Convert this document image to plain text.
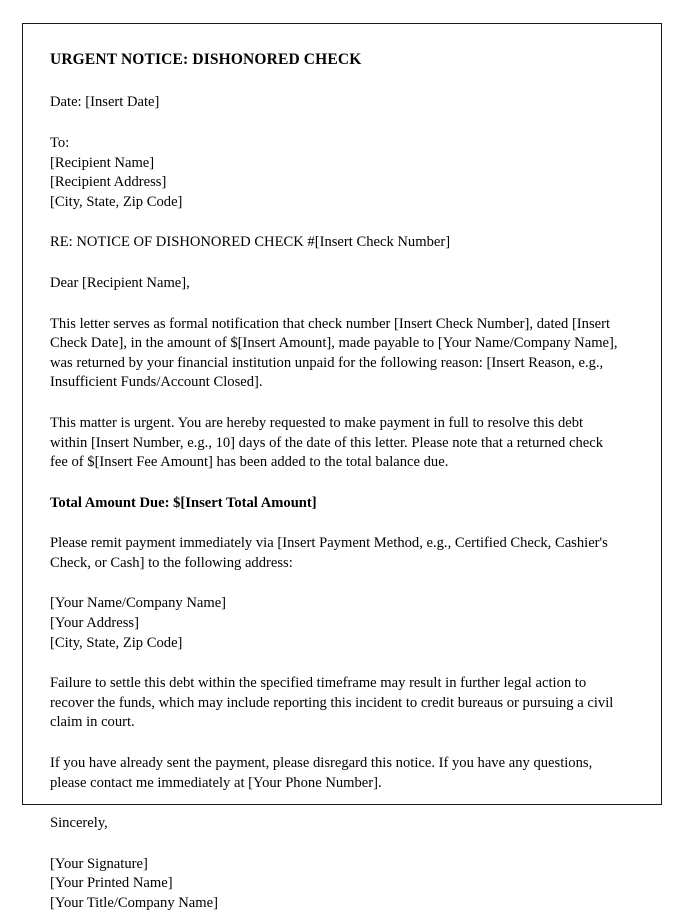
URGENT NOTICE: DISHONORED CHECK

Date: [Insert Date]

To:
[Recipient Name]
[Recipient Address]
[City, State, Zip Code]

RE: NOTICE OF DISHONORED CHECK #[Insert Check Number]

Dear [Recipient Name],

This letter serves as formal notification that check number [Insert Check Number], dated [Insert Check Date], in the amount of $[Insert Amount], made payable to [Your Name/Company Name], was returned by your financial institution unpaid for the following reason: [Insert Reason, e.g., Insufficient Funds/Account Closed].

This matter is urgent. You are hereby requested to make payment in full to resolve this debt within [Insert Number, e.g., 10] days of the date of this letter. Please note that a returned check fee of $[Insert Fee Amount] has been added to the total balance due.

Total Amount Due: $[Insert Total Amount]

Please remit payment immediately via [Insert Payment Method, e.g., Certified Check, Cashier's Check, or Cash] to the following address:

[Your Name/Company Name]
[Your Address]
[City, State, Zip Code]

Failure to settle this debt within the specified timeframe may result in further legal action to recover the funds, which may include reporting this incident to credit bureaus or pursuing a civil claim in court.

If you have already sent the payment, please disregard this notice. If you have any questions, please contact me immediately at [Your Phone Number].

Sincerely,

[Your Signature]
[Your Printed Name]
[Your Title/Company Name]
